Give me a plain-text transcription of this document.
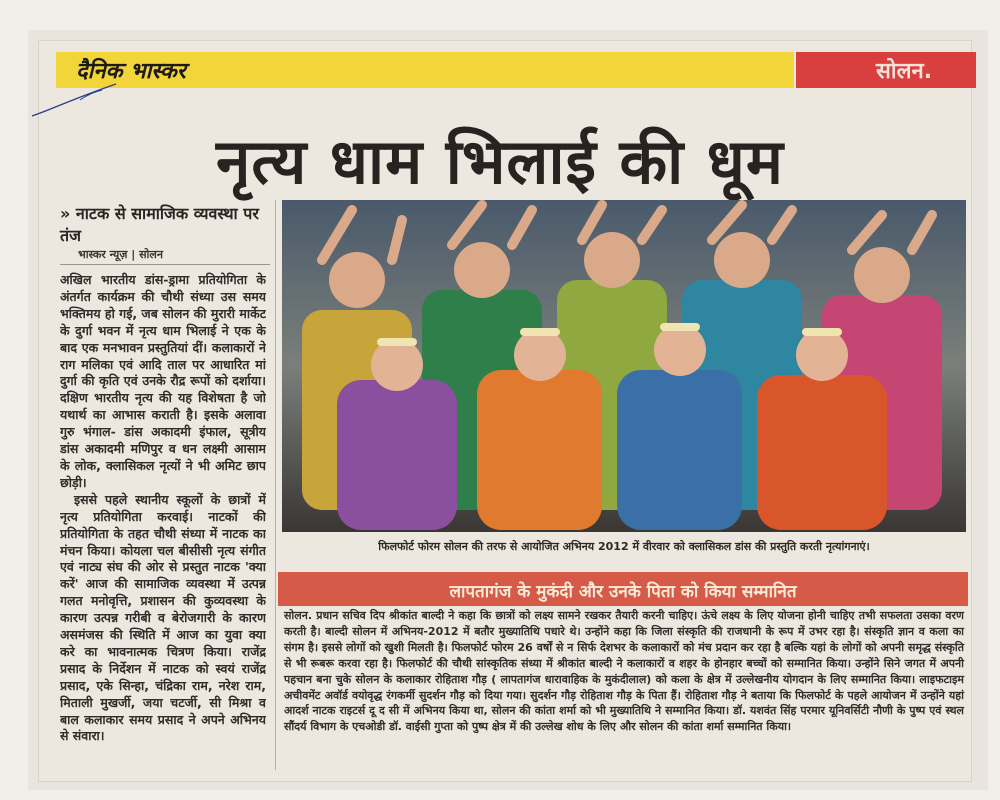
दैनिक भास्कर	सोलन.
नृत्य धाम भिलाई की धूम
» नाटक से सामाजिक व्यवस्था पर तंज
भास्कर न्यूज़ | सोलन

अखिल भारतीय डांस-ड्रामा प्रतियोगिता के अंतर्गत कार्यक्रम की चौथी संध्या उस समय भक्तिमय हो गई, जब सोलन की मुरारी मार्केट के दुर्गा भवन में नृत्य धाम भिलाई ने एक के बाद एक मनभावन प्रस्तुतियां दीं। कलाकारों ने राग मलिका एवं आदि ताल पर आधारित मां दुर्गा की कृति एवं उनके रौद्र रूपों को दर्शाया। दक्षिण भारतीय नृत्य की यह विशेषता है जो यथार्थ का आभास कराती है। इसके अलावा गुरु भंगाल- डांस अकादमी इंफाल, सूत्रीय डांस अकादमी मणिपुर व धन लक्ष्मी आसाम के लोक, क्लासिकल नृत्यों ने भी अमिट छाप छोड़ी।

इससे पहले स्थानीय स्कूलों के छात्रों में नृत्य प्रतियोगिता करवाई। नाटकों की प्रतियोगिता के तहत चौथी संध्या में नाटक का मंचन किया। कोयला चल बीसीसी नृत्य संगीत एवं नाट्य संघ की ओर से प्रस्तुत नाटक 'क्या करें' आज की सामाजिक व्यवस्था में उत्पन्न गलत मनोवृत्ति, प्रशासन की कुव्यवस्था के कारण उत्पन्न गरीबी व बेरोजगारी के कारण असमंजस की स्थिति में आज का युवा क्या करे का भावनात्मक चित्रण किया। राजेंद्र प्रसाद के निर्देशन में नाटक को स्वयं राजेंद्र प्रसाद, एके सिन्हा, चंद्रिका राम, नरेश राम, मिताली मुखर्जी, जया चटर्जी, सी मिश्रा व बाल कलाकार समय प्रसाद ने अपने अभिनय से संवारा।

फिलफोर्ट फोरम सोलन की तरफ से आयोजित अभिनय 2012 में वीरवार को क्लासिकल डांस की प्रस्तुति करती नृत्यांगनाएं।
लापतागंज के मुकंदी और उनके पिता को किया सम्मानित

सोलन. प्रधान सचिव दिप श्रीकांत बाल्दी ने कहा कि छात्रों को लक्ष्य सामने रखकर तैयारी करनी चाहिए। ऊंचे लक्ष्य के लिए योजना होनी चाहिए तभी सफलता उसका वरण करती है। बाल्दी सोलन में अभिनय-2012 में बतौर मुख्यातिथि पधारे थे। उन्होंने कहा कि जिला संस्कृति की राजधानी के रूप में उभर रहा है। संस्कृति ज्ञान व कला का संगम है। इससे लोगों को खुशी मिलती है। फिलफोर्ट फोरम 26 वर्षों से न सिर्फ देशभर के कलाकारों को मंच प्रदान कर रहा है बल्कि यहां के लोगों को अपनी समृद्ध संस्कृति से भी रूबरू करवा रहा है। फिलफोर्ट की चौथी सांस्कृतिक संध्या में श्रीकांत बाल्दी ने कलाकारों व शहर के होनहार बच्चों को सम्मानित किया। उन्होंने सिने जगत में अपनी पहचान बना चुके सोलन के कलाकार रोहिताश गौड़ ( लापतागंज धारावाहिक के मुकंदीलाल) को कला के क्षेत्र में उल्लेखनीय योगदान के लिए सम्मानित किया। लाइफटाइम अचीवमेंट अवॉर्ड वयोवृद्ध रंगकर्मी सुदर्शन गौड़ को दिया गया। सुदर्शन गौड़ रोहिताश गौड़ के पिता हैं। रोहिताश गौड़ ने बताया कि फिलफोर्ट के पहले आयोजन में उन्होंने यहां आदर्श नाटक राइटर्स दू द सी में अभिनय किया था, सोलन की कांता शर्मा को भी मुख्यातिथि ने सम्मानित किया। डॉ. यशवंत सिंह परमार यूनिवर्सिटी नौणी के पुष्प एवं स्थल सौंदर्य विभाग के एचओडी डॉ. वाईसी गुप्ता को पुष्प क्षेत्र में की उल्लेख शोध के लिए और सोलन की कांता शर्मा सम्मानित किया।
